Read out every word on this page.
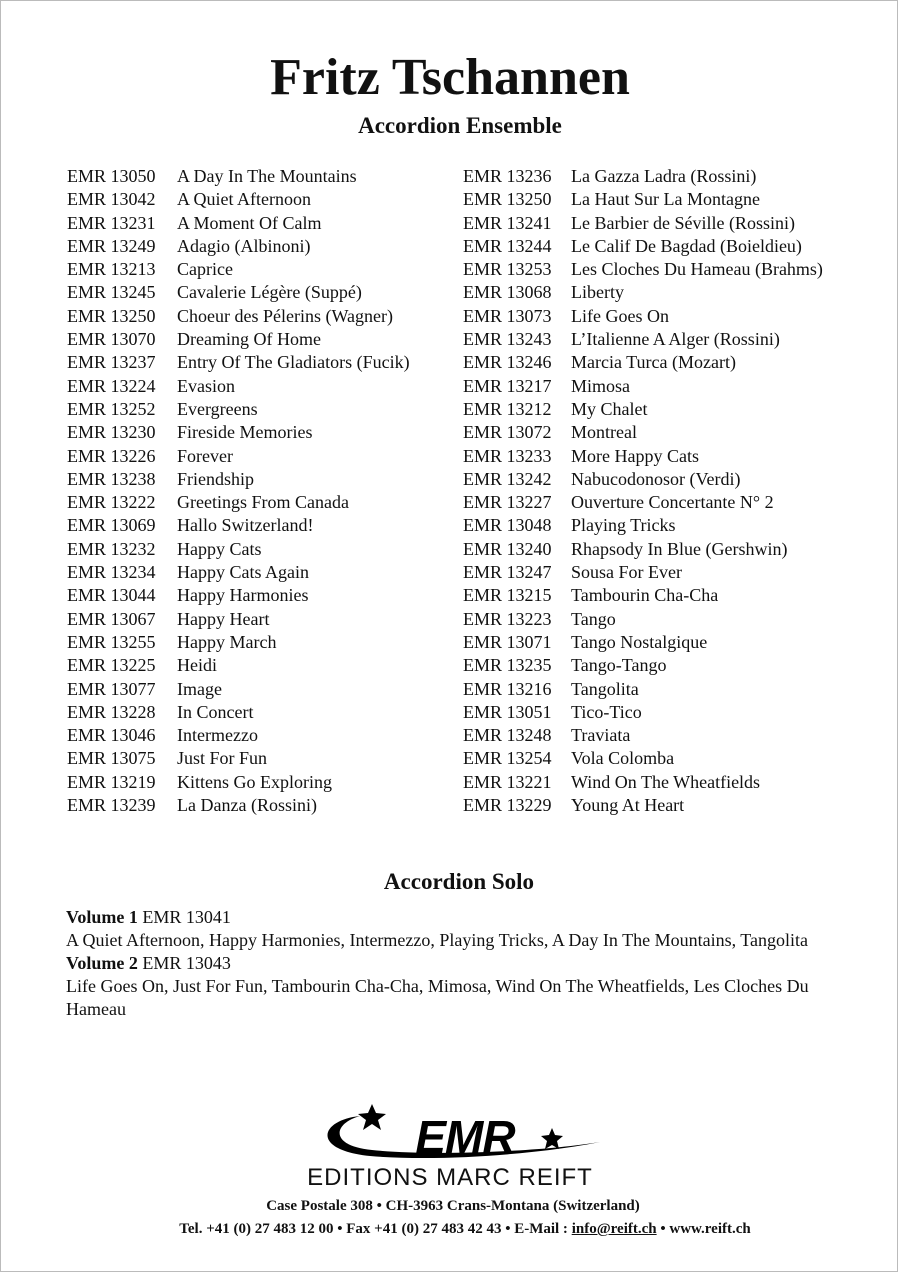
Fritz Tschannen
Accordion Ensemble
EMR 13050 A Day In The Mountains
EMR 13042 A Quiet Afternoon
EMR 13231 A Moment Of Calm
EMR 13249 Adagio (Albinoni)
EMR 13213 Caprice
EMR 13245 Cavalerie Légère (Suppé)
EMR 13250 Choeur des Pélerins (Wagner)
EMR 13070 Dreaming Of Home
EMR 13237 Entry Of The Gladiators (Fucik)
EMR 13224 Evasion
EMR 13252 Evergreens
EMR 13230 Fireside Memories
EMR 13226 Forever
EMR 13238 Friendship
EMR 13222 Greetings From Canada
EMR 13069 Hallo Switzerland!
EMR 13232 Happy Cats
EMR 13234 Happy Cats Again
EMR 13044 Happy Harmonies
EMR 13067 Happy Heart
EMR 13255 Happy March
EMR 13225 Heidi
EMR 13077 Image
EMR 13228 In Concert
EMR 13046 Intermezzo
EMR 13075 Just For Fun
EMR 13219 Kittens Go Exploring
EMR 13239 La Danza (Rossini)
EMR 13236 La Gazza Ladra (Rossini)
EMR 13250 La Haut Sur La Montagne
EMR 13241 Le Barbier de Séville (Rossini)
EMR 13244 Le Calif De Bagdad (Boieldieu)
EMR 13253 Les Cloches Du Hameau (Brahms)
EMR 13068 Liberty
EMR 13073 Life Goes On
EMR 13243 L’Italienne A Alger (Rossini)
EMR 13246 Marcia Turca (Mozart)
EMR 13217 Mimosa
EMR 13212 My Chalet
EMR 13072 Montreal
EMR 13233 More Happy Cats
EMR 13242 Nabucodonosor (Verdi)
EMR 13227 Ouverture Concertante N° 2
EMR 13048 Playing Tricks
EMR 13240 Rhapsody In Blue (Gershwin)
EMR 13247 Sousa For Ever
EMR 13215 Tambourin Cha-Cha
EMR 13223 Tango
EMR 13071 Tango Nostalgique
EMR 13235 Tango-Tango
EMR 13216 Tangolita
EMR 13051 Tico-Tico
EMR 13248 Traviata
EMR 13254 Vola Colomba
EMR 13221 Wind On The Wheatfields
EMR 13229 Young At Heart
Accordion Solo

Volume 1 EMR 13041

A Quiet Afternoon, Happy Harmonies, Intermezzo, Playing Tricks, A Day In The Mountains, Tangolita

Volume 2 EMR 13043

Life Goes On, Just For Fun, Tambourin Cha-Cha, Mimosa, Wind On The Wheatfields, Les Cloches Du Hameau

EMR
EDITIONS MARC REIFT
Case Postale 308 • CH-3963 Crans-Montana (Switzerland)
Tel. +41 (0) 27 483 12 00 • Fax +41 (0) 27 483 42 43 • E-Mail : info@reift.ch • www.reift.ch
